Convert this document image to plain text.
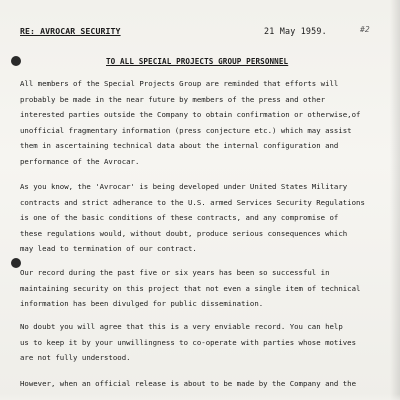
RE: AVROCAR SECURITY	21 May 1959.	#2
TO ALL SPECIAL PROJECTS GROUP PERSONNEL

All members of the Special Projects Group are reminded that efforts will
probably be made in the near future by members of the press and other
interested parties outside the Company to obtain confirmation or otherwise,of
unofficial fragmentary information (press conjecture etc.) which may assist
them in ascertaining technical data about the internal configuration and
performance of the Avrocar.

As you know, the 'Avrocar' is being developed under United States Military
contracts and strict adherance to the U.S. armed Services Security Regulations
is one of the basic conditions of these contracts, and any compromise of
these regulations would, without doubt, produce serious consequences which
may lead to termination of our contract.

Our record during the past five or six years has been so successful in
maintaining security on this project that not even a single item of technical
information has been divulged for public dissemination.

No doubt you will agree that this is a very enviable record. You can help
us to keep it by your unwillingness to co-operate with parties whose motives
are not fully understood.

However, when an official release is about to be made by the Company and the
